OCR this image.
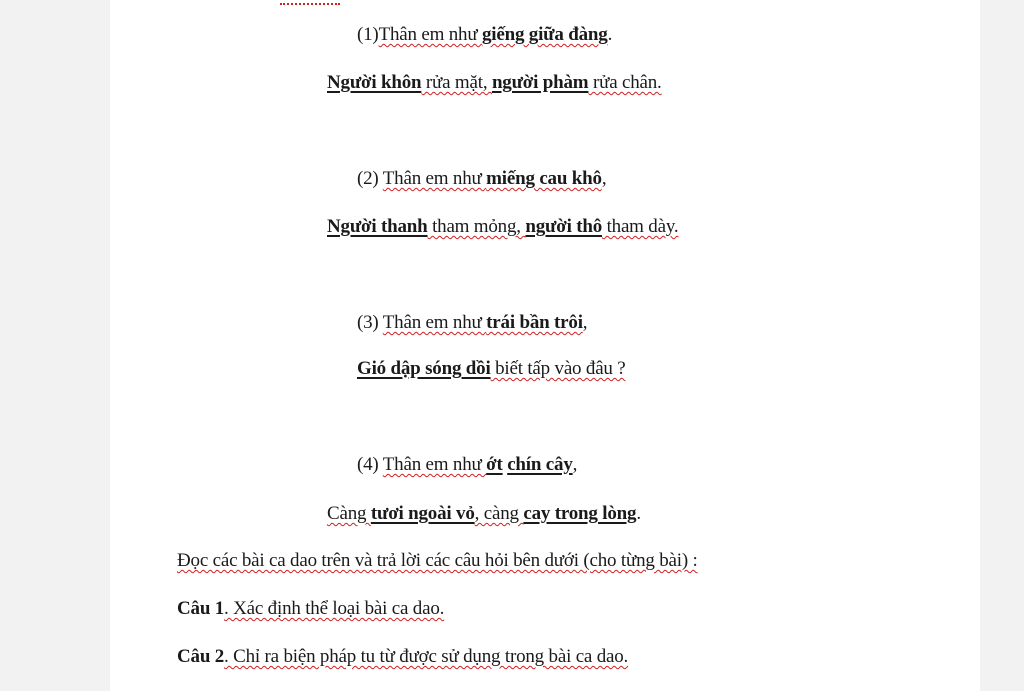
(1)Thân em như giếng giữa đàng.
Người khôn rửa mặt, người phàm rửa chân.
(2) Thân em như miếng cau khô,
Người thanh tham mỏng, người thô tham dày.
(3) Thân em như trái bần trôi,
Gió dập sóng dồi biết tấp vào đâu ?
(4) Thân em như ớt chín cây,
Càng tươi ngoài vỏ, càng cay trong lòng.
Đọc các bài ca dao trên và trả lời các câu hỏi bên dưới (cho từng bài) :
Câu 1. Xác định thể loại bài ca dao.
Câu 2. Chỉ ra biện pháp tu từ được sử dụng trong bài ca dao.
